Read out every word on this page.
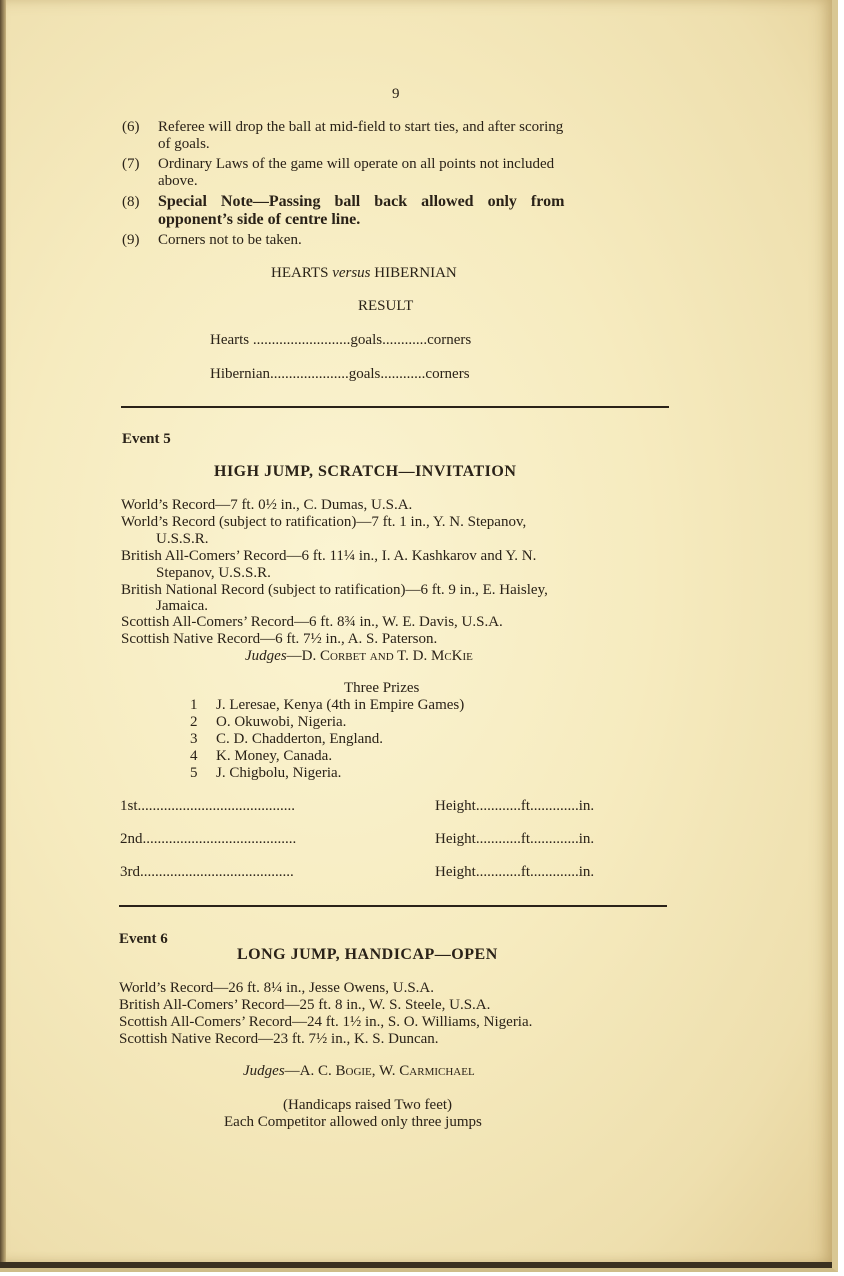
9
(6) Referee will drop the ball at mid-field to start ties, and after scoring
of goals.
(7) Ordinary Laws of the game will operate on all points not included
above.
(8) Special Note—Passing ball back allowed only from
opponent’s side of centre line.
(9) Corners not to be taken.
HEARTS versus HIBERNIAN
RESULT
Hearts ..........................goals............corners
Hibernian.....................goals............corners
Event 5
HIGH JUMP, SCRATCH—INVITATION
World’s Record—7 ft. 0½ in., C. Dumas, U.S.A.
World’s Record (subject to ratification)—7 ft. 1 in., Y. N. Stepanov,
U.S.S.R.
British All-Comers’ Record—6 ft. 11¼ in., I. A. Kashkarov and Y. N.
Stepanov, U.S.S.R.
British National Record (subject to ratification)—6 ft. 9 in., E. Haisley,
Jamaica.
Scottish All-Comers’ Record—6 ft. 8¾ in., W. E. Davis, U.S.A.
Scottish Native Record—6 ft. 7½ in., A. S. Paterson.
Judges—D. Corbet and T. D. McKie
Three Prizes
1 J. Leresae, Kenya (4th in Empire Games)
2 O. Okuwobi, Nigeria.
3 C. D. Chadderton, England.
4 K. Money, Canada.
5 J. Chigbolu, Nigeria.
1st..........................................	Height............ft.............in.
2nd.........................................	Height............ft.............in.
3rd.........................................	Height............ft.............in.
Event 6
LONG JUMP, HANDICAP—OPEN
World’s Record—26 ft. 8¼ in., Jesse Owens, U.S.A.
British All-Comers’ Record—25 ft. 8 in., W. S. Steele, U.S.A.
Scottish All-Comers’ Record—24 ft. 1½ in., S. O. Williams, Nigeria.
Scottish Native Record—23 ft. 7½ in., K. S. Duncan.
Judges—A. C. Bogie, W. Carmichael
(Handicaps raised Two feet)
Each Competitor allowed only three jumps
